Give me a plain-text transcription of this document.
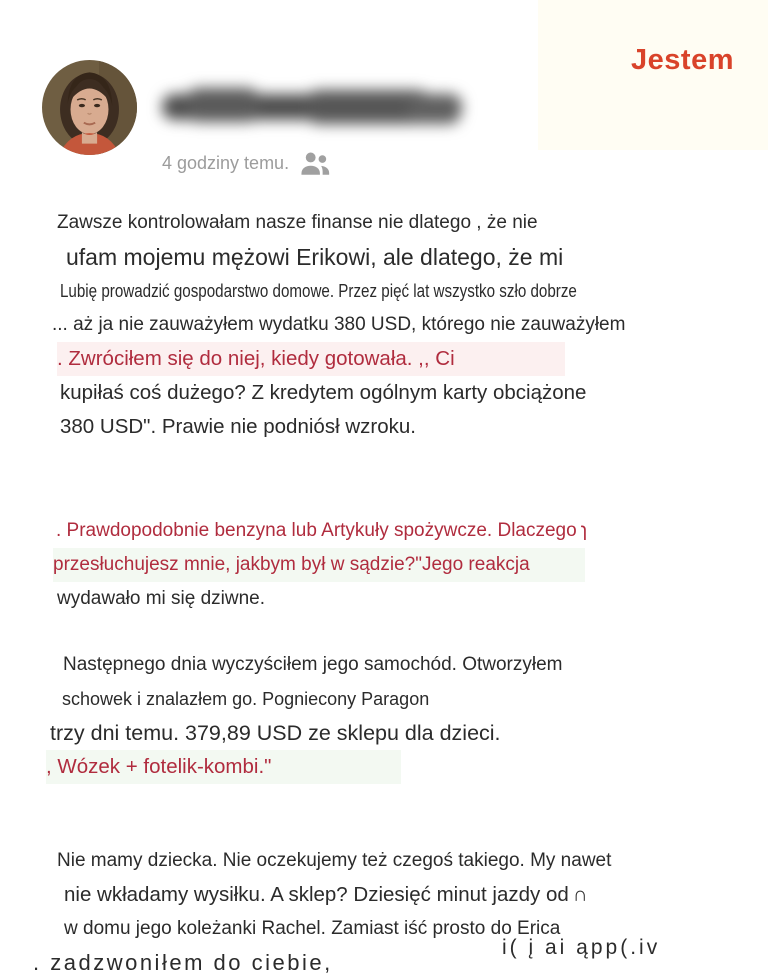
Jestem
4 godziny temu.
Zawsze kontrolowałam nasze finanse nie dlatego , że nie
ufam mojemu mężowi Erikowi, ale dlatego, że mi
Lubię prowadzić gospodarstwo domowe. Przez pięć lat wszystko szło dobrze
... aż ja nie zauważyłem wydatku 380 USD, którego nie zauważyłem
. Zwróciłem się do niej, kiedy gotowała. ,, Ci
kupiłaś coś dużego? Z kredytem ogólnym karty obciążone
380 USD". Prawie nie podniósł wzroku.
. Prawdopodobnie benzyna lub Artykuły spożywcze. Dlaczego ɿ
przesłuchujesz mnie, jakbym był w sądzie?"Jego reakcja
wydawało mi się dziwne.
Następnego dnia wyczyściłem jego samochód. Otworzyłem
schowek i znalazłem go. Pogniecony Paragon
trzy dni temu. 379,89 USD ze sklepu dla dzieci.
, Wózek + fotelik-kombi."
Nie mamy dziecka. Nie oczekujemy też czegoś takiego. My nawet
nie wkładamy wysiłku. A sklep? Dziesięć minut jazdy od ∩
w domu jego koleżanki Rachel. Zamiast iść prosto do Erica
. zadzwoniłem do ciebie,
i( į ai ąpp(.iv
